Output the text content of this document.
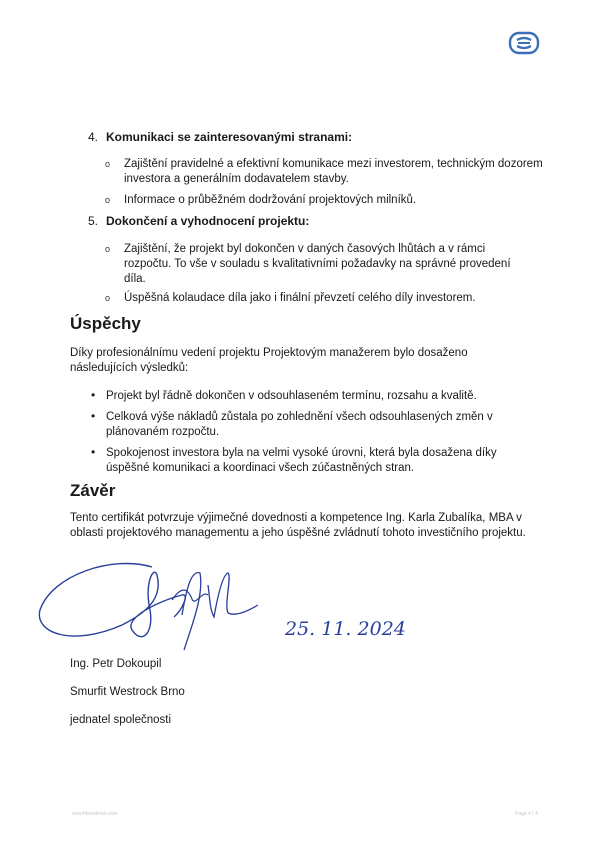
4. Komunikaci se zainteresovanými stranami:
o Zajištění pravidelné a efektivní komunikace mezi investorem, technickým dozorem investora a generálním dodavatelem stavby.
o Informace o průběžném dodržování projektových milníků.
5. Dokončení a vyhodnocení projektu:
o Zajištění, že projekt byl dokončen v daných časových lhůtách a v rámci rozpočtu. To vše v souladu s kvalitativními požadavky na správné provedení díla.
o Úspěšná kolaudace díla jako i finální převzetí celého díly investorem.
Úspěchy
Díky profesionálnímu vedení projektu Projektovým manažerem bylo dosaženo následujících výsledků:
• Projekt byl řádně dokončen v odsouhlaseném termínu, rozsahu a kvalitě.
• Celková výše nákladů zůstala po zohlednění všech odsouhlasených změn v plánovaném rozpočtu.
• Spokojenost investora byla na velmi vysoké úrovni, která byla dosažena díky úspěšné komunikaci a koordinaci všech zúčastněných stran.
Závěr
Tento certifikát potvrzuje výjimečné dovednosti a kompetence Ing. Karla Zubalíka, MBA v oblasti projektového managementu a jeho úspěšné zvládnutí tohoto investičního projektu.
25. 11. 2024
Ing. Petr Dokoupil
Smurfit Westrock Brno
jednatel společnosti
smurfitwestrock.com	Page 4 / 4
